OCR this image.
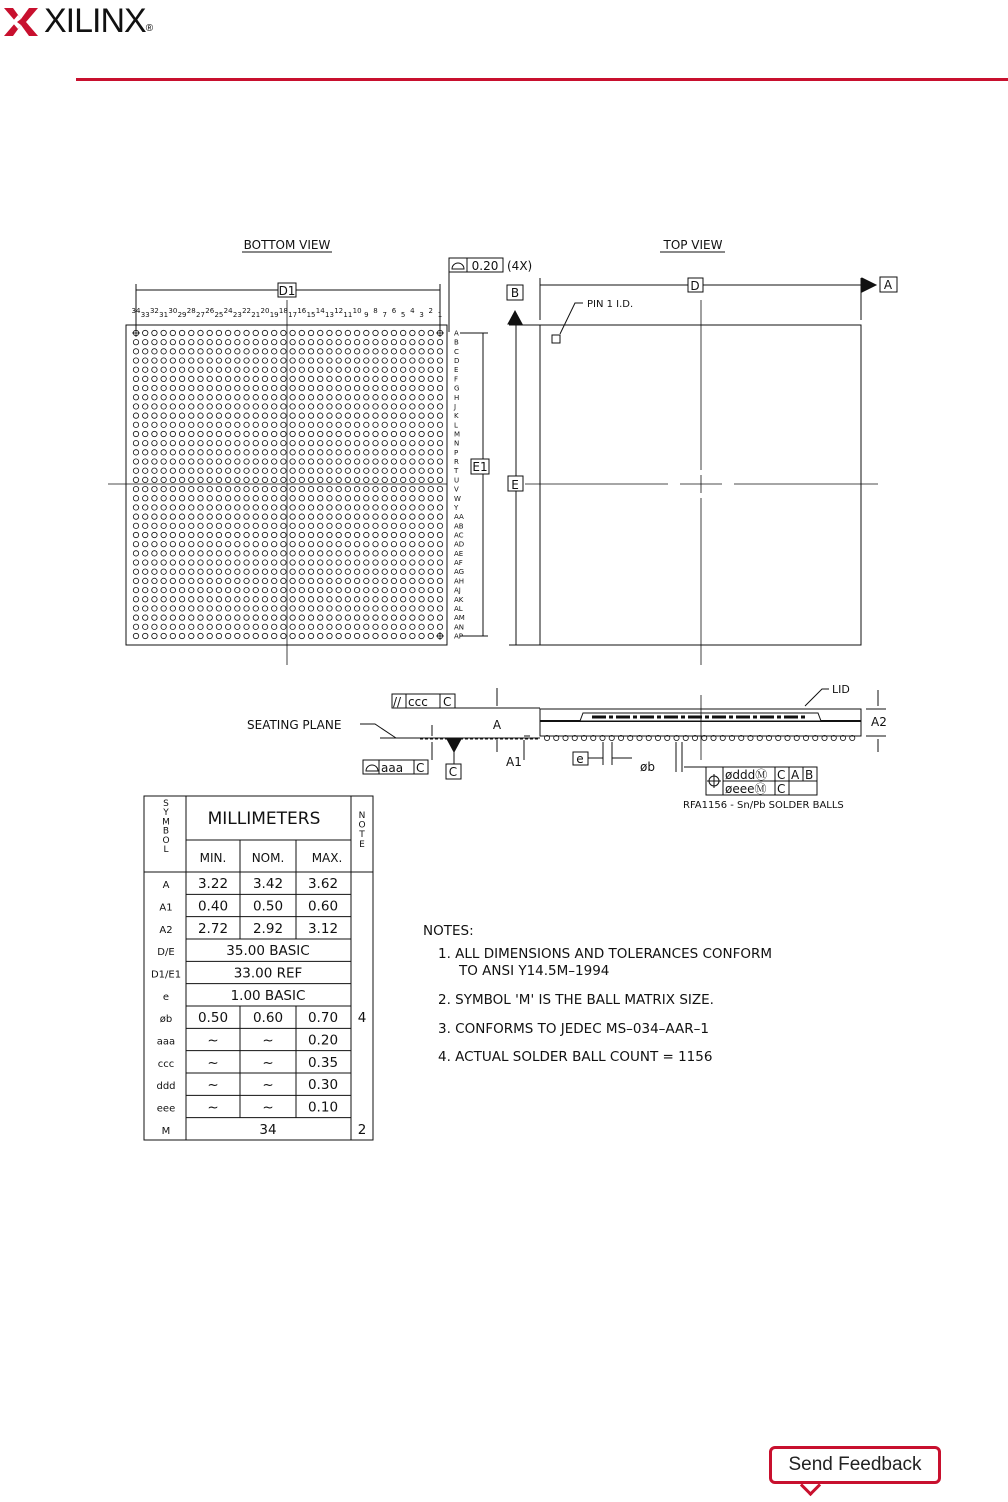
XILINX ®
BOTTOM VIEW	TOP VIEW
34 33 32 31 30 29 28 27 26 25 24 23 22 21 20 19 18 17 16 15 14 13 12 11 10 9 8 7 6 5 4 3 2 1
A
B
C
D
E
F
G
H
J
K
L
M
N
P
R
T
U
V
W
Y
AA
AB
AC
AD
AE
AF
AG
AH
AJ
AK
AL
AM
AN
AP
D1
0.20 (4X)
E1
B
E
D	A
PIN 1 I.D.
SEATING PLANE
// ccc C
A
aaa C C
A1	e
øb
ødddⓂ C A B
øeeeⓂ C
RFA1156 - Sn/Pb SOLDER BALLS
LID
A2
MILLIMETERS
MIN. NOM. MAX.
S
Y
M
B
O
L
N
O
T
E
A 3.22 3.42 3.62
A1 0.40 0.50 0.60
A2 2.72 2.92 3.12
D/E	35.00 BASIC
D1/E1	33.00 REF
e	1.00 BASIC
øb 0.50 0.60 0.70 4
aaa ~	~	0.20
ccc ~	~	0.35
ddd ~	~	0.30
eee ~	~	0.10
M	34	2
NOTES:
1. ALL DIMENSIONS AND TOLERANCES CONFORM
TO ANSI Y14.5M–1994
2. SYMBOL 'M' IS THE BALL MATRIX SIZE.
3. CONFORMS TO JEDEC MS–034–AAR–1
4. ACTUAL SOLDER BALL COUNT = 1156
Send Feedback
